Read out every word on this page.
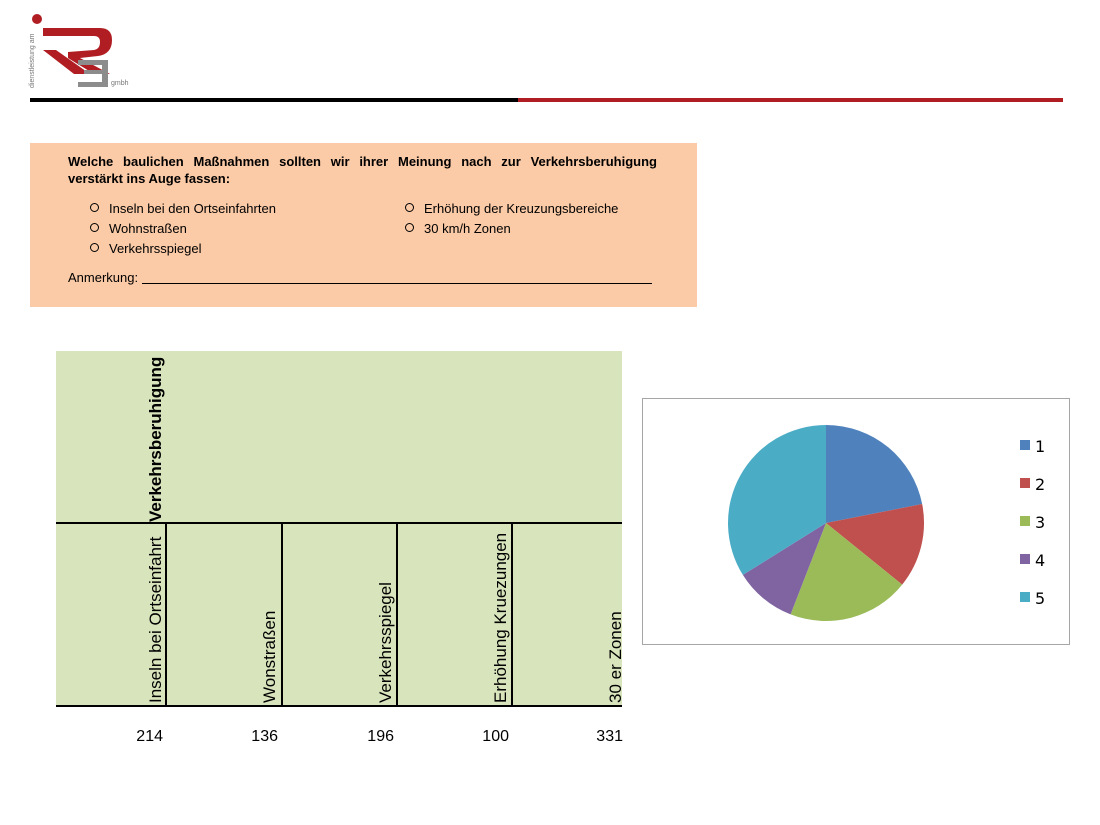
dienstleistung am	gmbh
Welche baulichen Maßnahmen sollten wir ihrer Meinung nach zur Verkehrsberuhigung verstärkt ins Auge fassen:
Inseln bei den Ortseinfahrten
Wohnstraßen
Verkehrsspiegel
Erhöhung der Kreuzungsbereiche
30 km/h Zonen
Anmerkung:
Verkehrsberuhigung
Inseln bei Ortseinfahrt	Wonstraßen	Verkehrsspiegel	Erhöhung Kruezungen	30 er Zonen
214	136	196	100	331
1
2
3
4
5
